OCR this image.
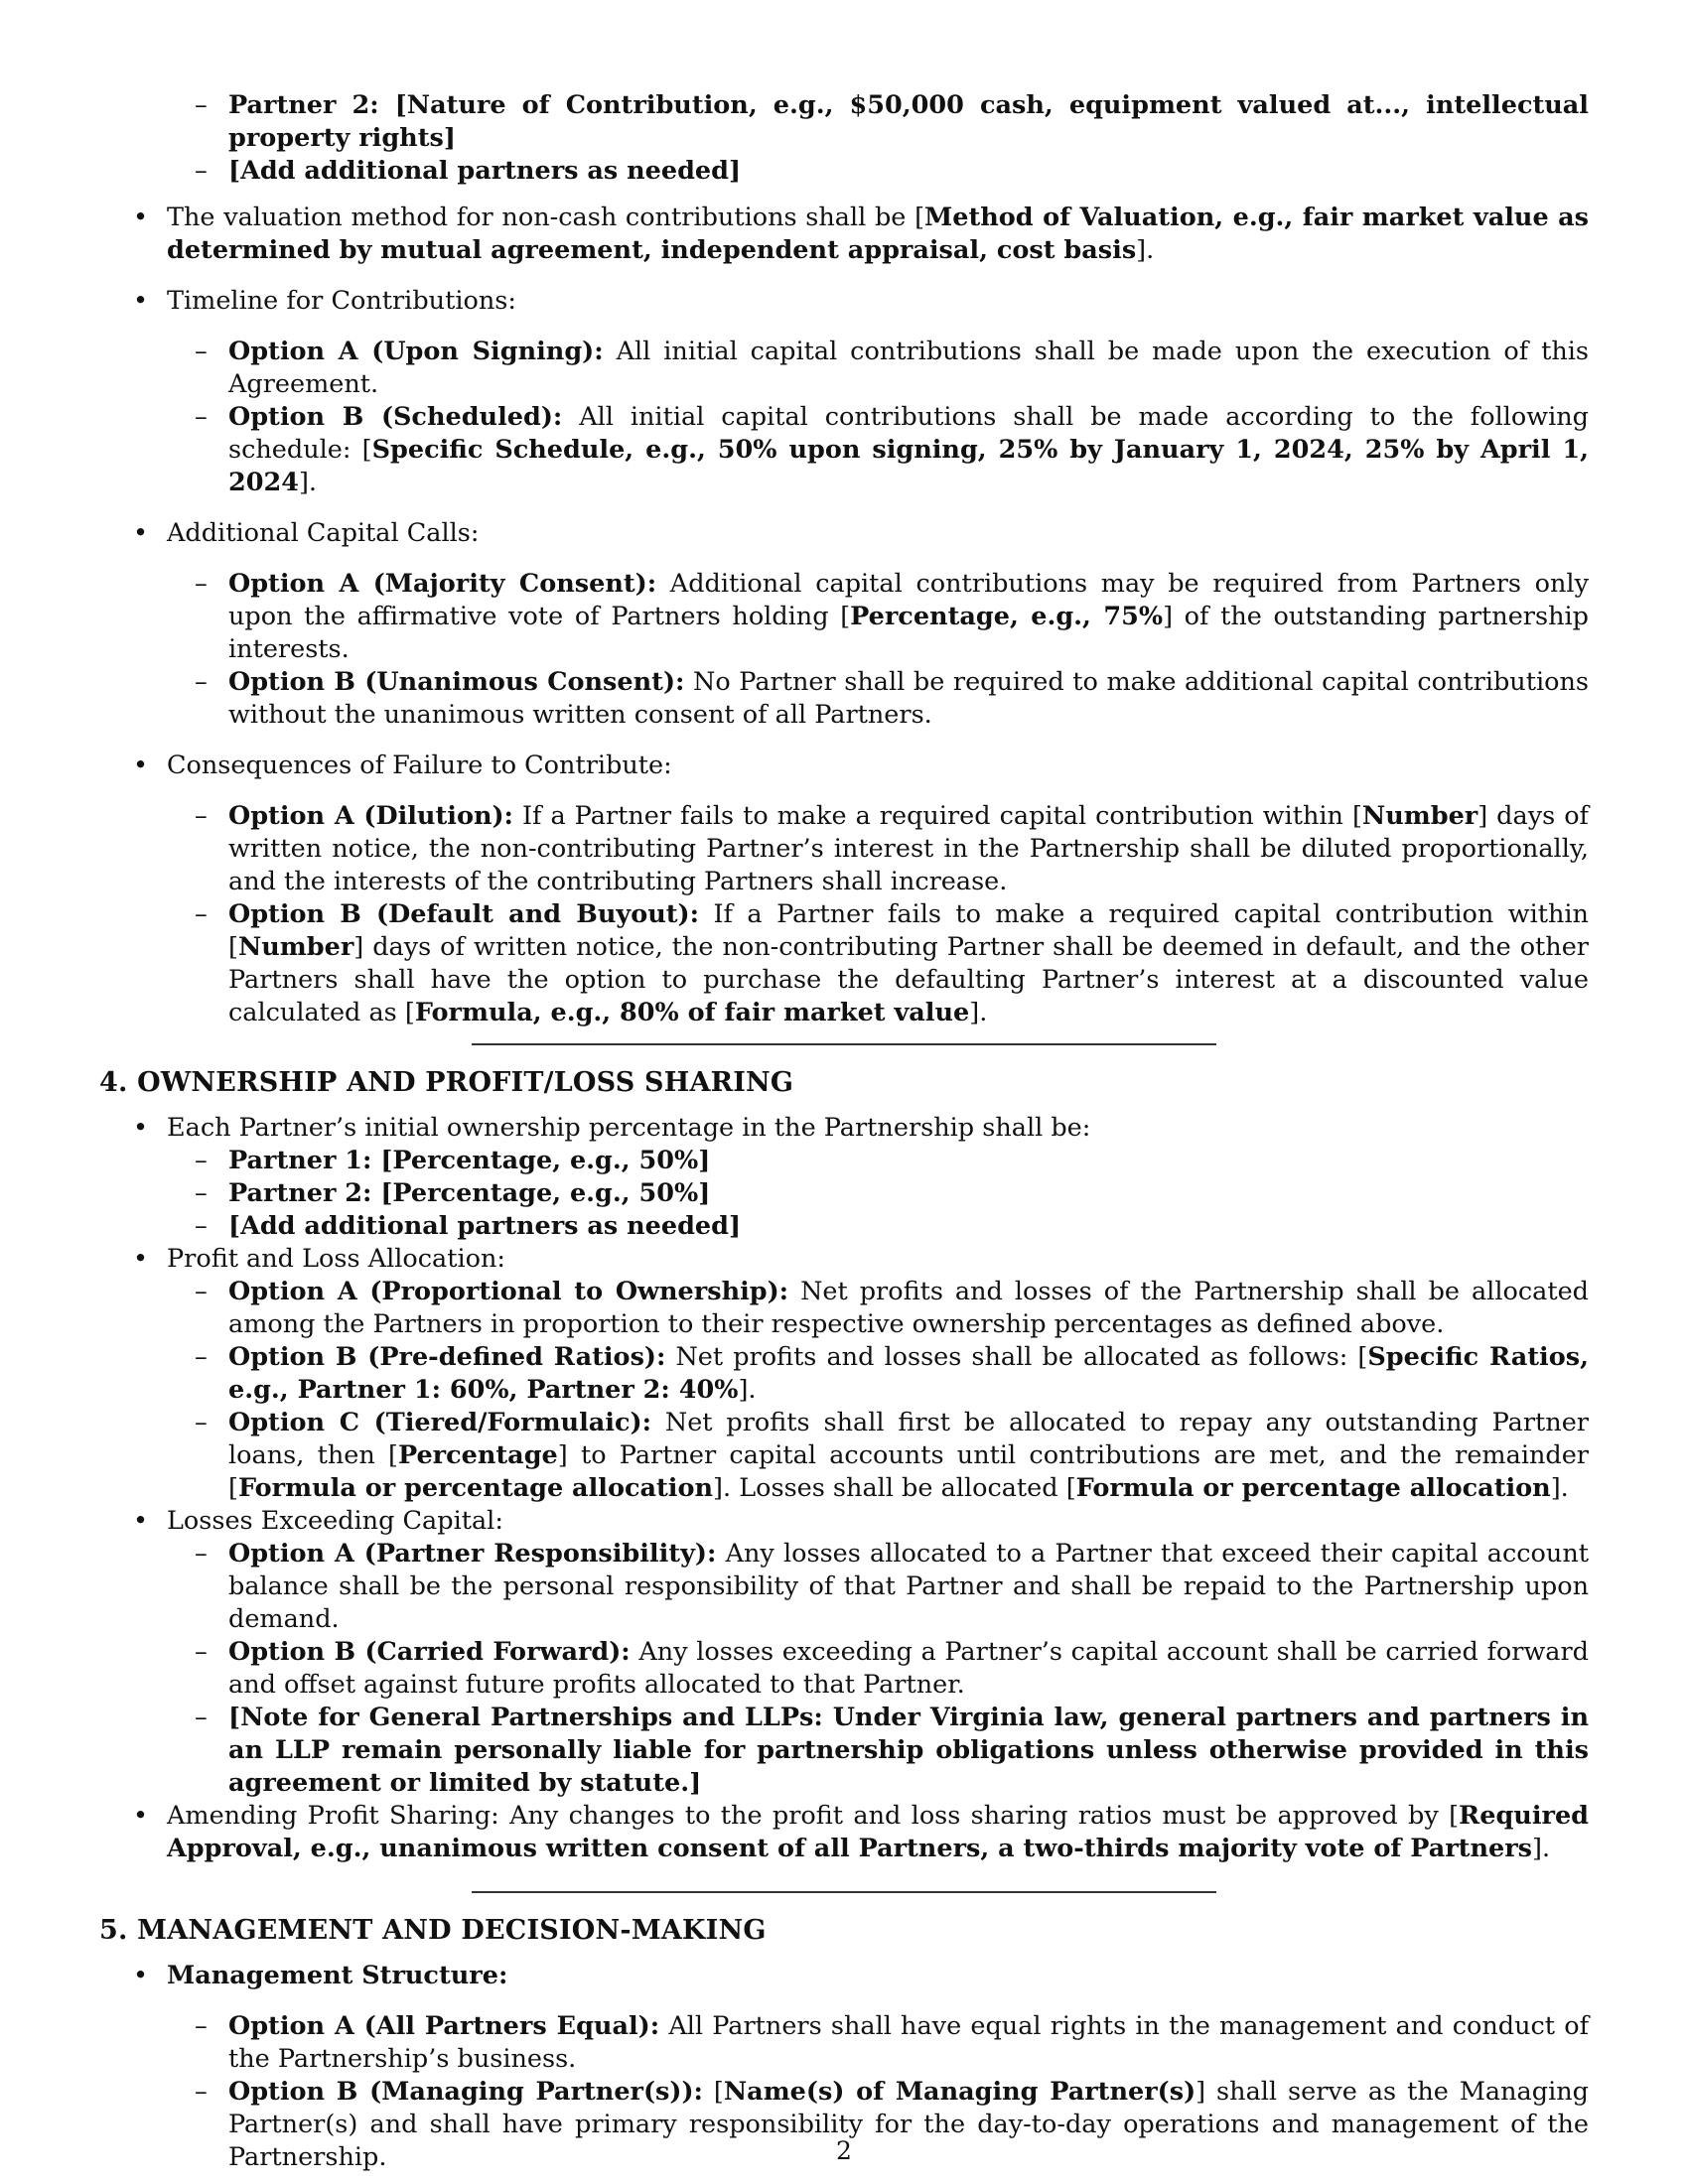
– Partner 2: [Nature of Contribution, e.g., $50,000 cash, equipment valued at..., intellectual property rights]
– [Add additional partners as needed]
• The valuation method for non-cash contributions shall be [Method of Valuation, e.g., fair market value as determined by mutual agreement, independent appraisal, cost basis].
• Timeline for Contributions:
– Option A (Upon Signing): All initial capital contributions shall be made upon the execution of this Agreement.
– Option B (Scheduled): All initial capital contributions shall be made according to the following schedule: [Specific Schedule, e.g., 50% upon signing, 25% by January 1, 2024, 25% by April 1, 2024].
• Additional Capital Calls:
– Option A (Majority Consent): Additional capital contributions may be required from Partners only upon the affirmative vote of Partners holding [Percentage, e.g., 75%] of the outstanding partnership interests.
– Option B (Unanimous Consent): No Partner shall be required to make additional capital contributions without the unanimous written consent of all Partners.
• Consequences of Failure to Contribute:
– Option A (Dilution): If a Partner fails to make a required capital contribution within [Number] days of written notice, the non-contributing Partner’s interest in the Partnership shall be diluted proportionally, and the interests of the contributing Partners shall increase.
– Option B (Default and Buyout): If a Partner fails to make a required capital contribution within [Number] days of written notice, the non-contributing Partner shall be deemed in default, and the other Partners shall have the option to purchase the defaulting Partner’s interest at a discounted value calculated as [Formula, e.g., 80% of fair market value].
4. OWNERSHIP AND PROFIT/LOSS SHARING
• Each Partner’s initial ownership percentage in the Partnership shall be:
– Partner 1: [Percentage, e.g., 50%]
– Partner 2: [Percentage, e.g., 50%]
– [Add additional partners as needed]
• Profit and Loss Allocation:
– Option A (Proportional to Ownership): Net profits and losses of the Partnership shall be allocated among the Partners in proportion to their respective ownership percentages as defined above.
– Option B (Pre-defined Ratios): Net profits and losses shall be allocated as follows: [Specific Ratios, e.g., Partner 1: 60%, Partner 2: 40%].
– Option C (Tiered/Formulaic): Net profits shall first be allocated to repay any outstanding Partner loans, then [Percentage] to Partner capital accounts until contributions are met, and the remainder [Formula or percentage allocation]. Losses shall be allocated [Formula or percentage allocation].
• Losses Exceeding Capital:
– Option A (Partner Responsibility): Any losses allocated to a Partner that exceed their capital account balance shall be the personal responsibility of that Partner and shall be repaid to the Partnership upon demand.
– Option B (Carried Forward): Any losses exceeding a Partner’s capital account shall be carried forward and offset against future profits allocated to that Partner.
– [Note for General Partnerships and LLPs: Under Virginia law, general partners and partners in an LLP remain personally liable for partnership obligations unless otherwise provided in this agreement or limited by statute.]
• Amending Profit Sharing: Any changes to the profit and loss sharing ratios must be approved by [Required Approval, e.g., unanimous written consent of all Partners, a two-thirds majority vote of Partners].
5. MANAGEMENT AND DECISION-MAKING
• Management Structure:
– Option A (All Partners Equal): All Partners shall have equal rights in the management and conduct of the Partnership’s business.
– Option B (Managing Partner(s)): [Name(s) of Managing Partner(s)] shall serve as the Managing Partner(s) and shall have primary responsibility for the day-to-day operations and management of the Partnership.	2
